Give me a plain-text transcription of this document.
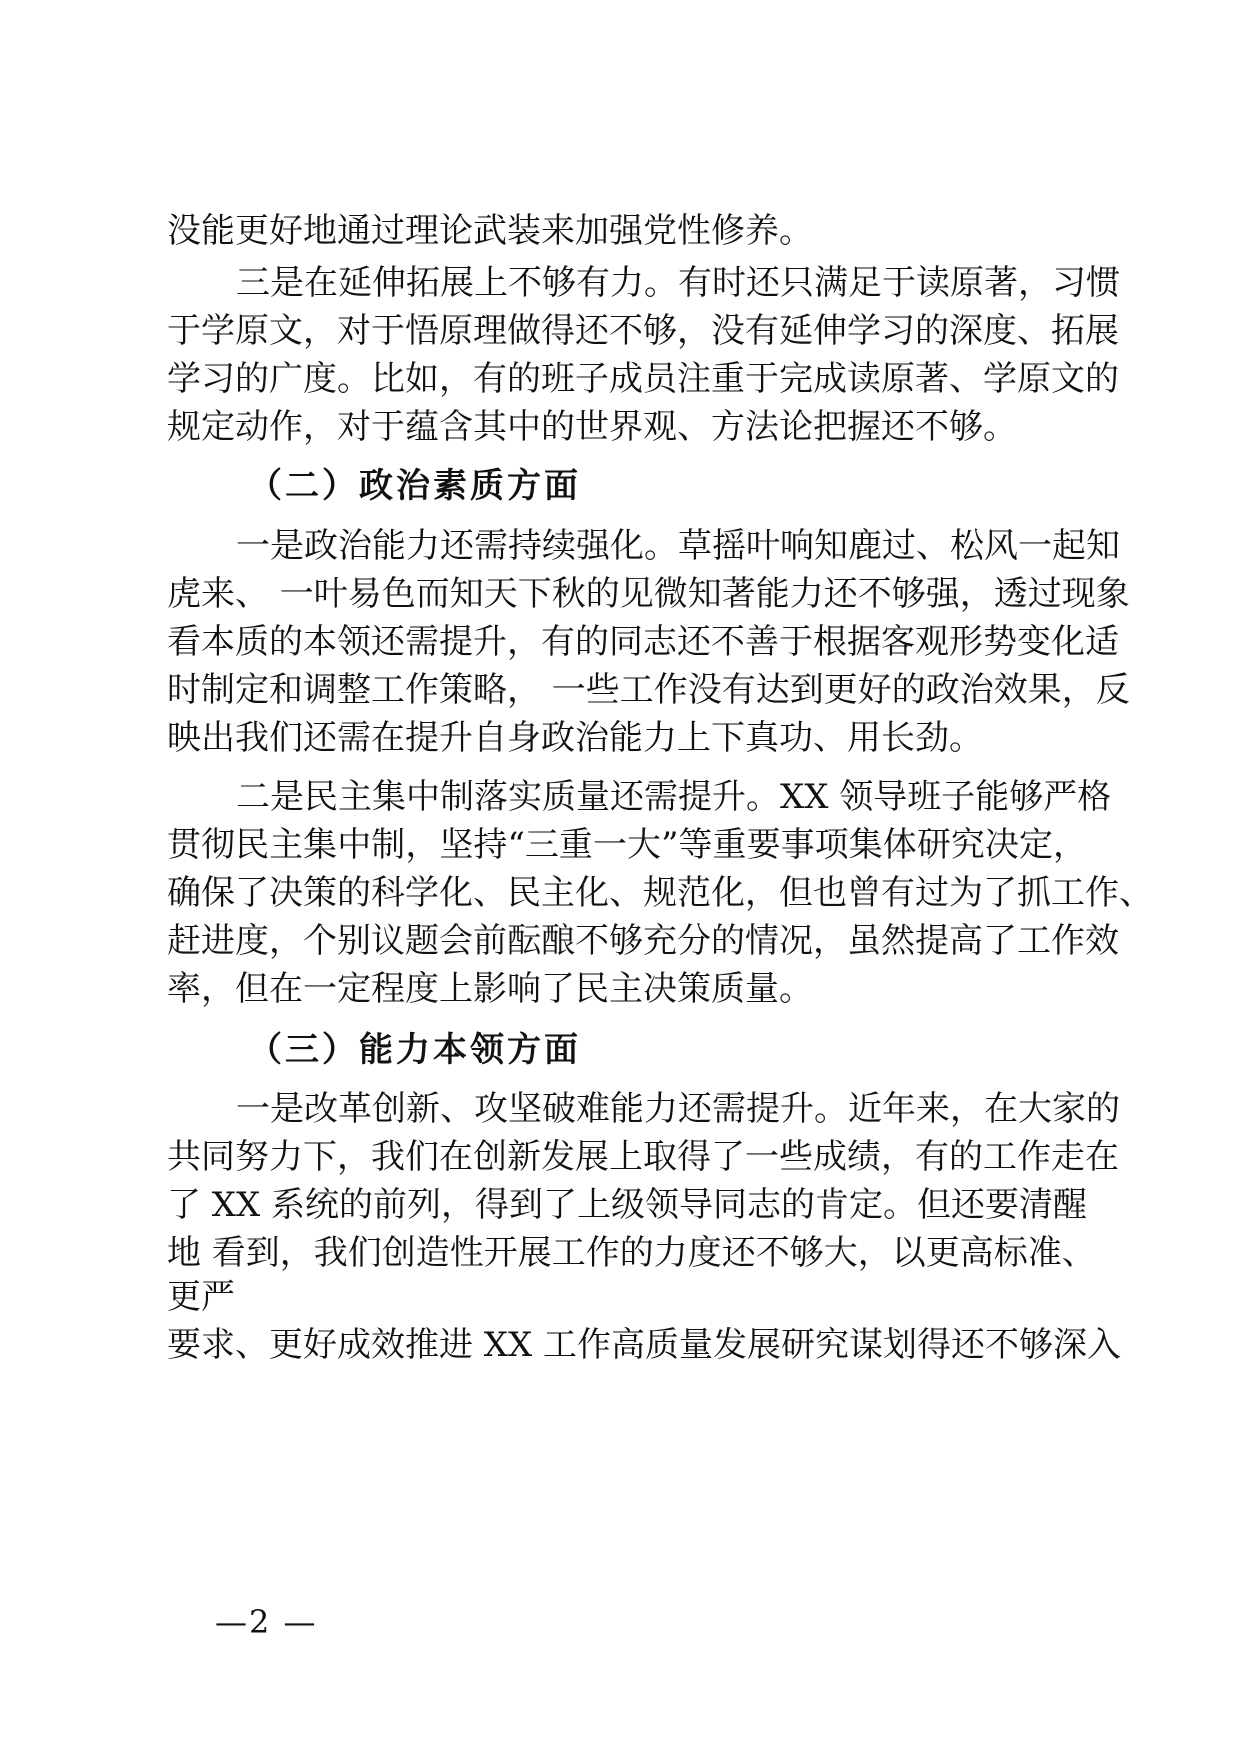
没能更好地通过理论武装来加强党性修养。
三是在延伸拓展上不够有力。有时还只满足于读原著，习惯
于学原文，对于悟原理做得还不够，没有延伸学习的深度、拓展
学习的广度。比如，有的班子成员注重于完成读原著、学原文的
规定动作，对于蕴含其中的世界观、方法论把握还不够。
（二）政治素质方面
一是政治能力还需持续强化。草摇叶响知鹿过、松风一起知
虎来、 一叶易色而知天下秋的见微知著能力还不够强，透过现象
看本质的本领还需提升，有的同志还不善于根据客观形势变化适
时制定和调整工作策略， 一些工作没有达到更好的政治效果，反
映出我们还需在提升自身政治能力上下真功、用长劲。
二是民主集中制落实质量还需提升。XX 领导班子能够严格
贯彻民主集中制，坚持“三重一大”等重要事项集体研究决定，
确保了决策的科学化、民主化、规范化，但也曾有过为了抓工作、
赶进度，个别议题会前酝酿不够充分的情况，虽然提高了工作效
率，但在一定程度上影响了民主决策质量。
（三）能力本领方面
一是改革创新、攻坚破难能力还需提升。近年来，在大家的
共同努力下，我们在创新发展上取得了一些成绩，有的工作走在
了 XX 系统的前列，得到了上级领导同志的肯定。但还要清醒
地 看到，我们创造性开展工作的力度还不够大，以更高标准、
更严
要求、更好成效推进 XX 工作高质量发展研究谋划得还不够深入
—2 —
